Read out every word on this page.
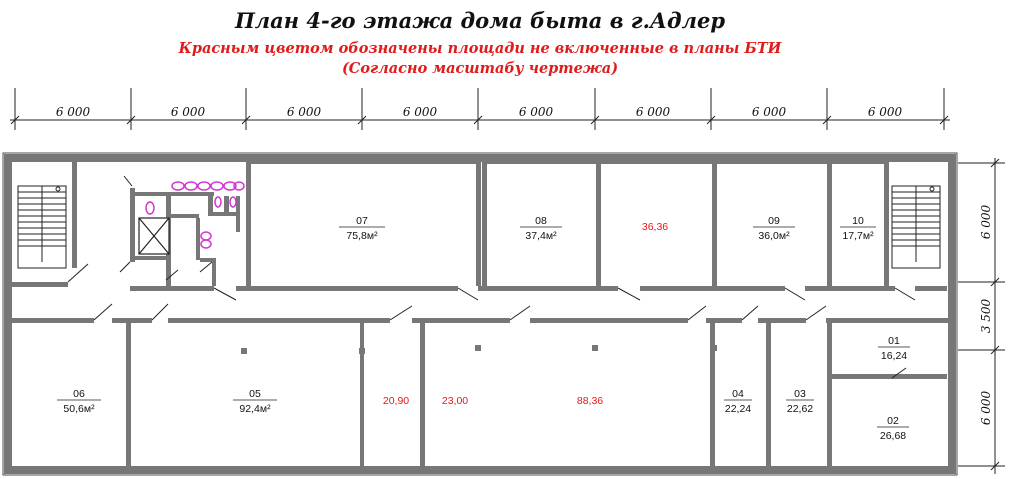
План 4-го этажа дома быта в г.Адлер
Красным цветом обозначены площади не включенные в планы БТИ
(Согласно масштабу чертежа)
6 000	6 000	6 000	6 000	6 000	6 000	6 000	6 000
6 000
3 500
6 000
07
75,8м²
08
37,4м²
09
36,0м²
10
17,7м²
06
50,6м²
05
92,4м²
04
22,24
03
22,62
01
16,24
02
26,68
36,36
20,90	23,00	88,36
